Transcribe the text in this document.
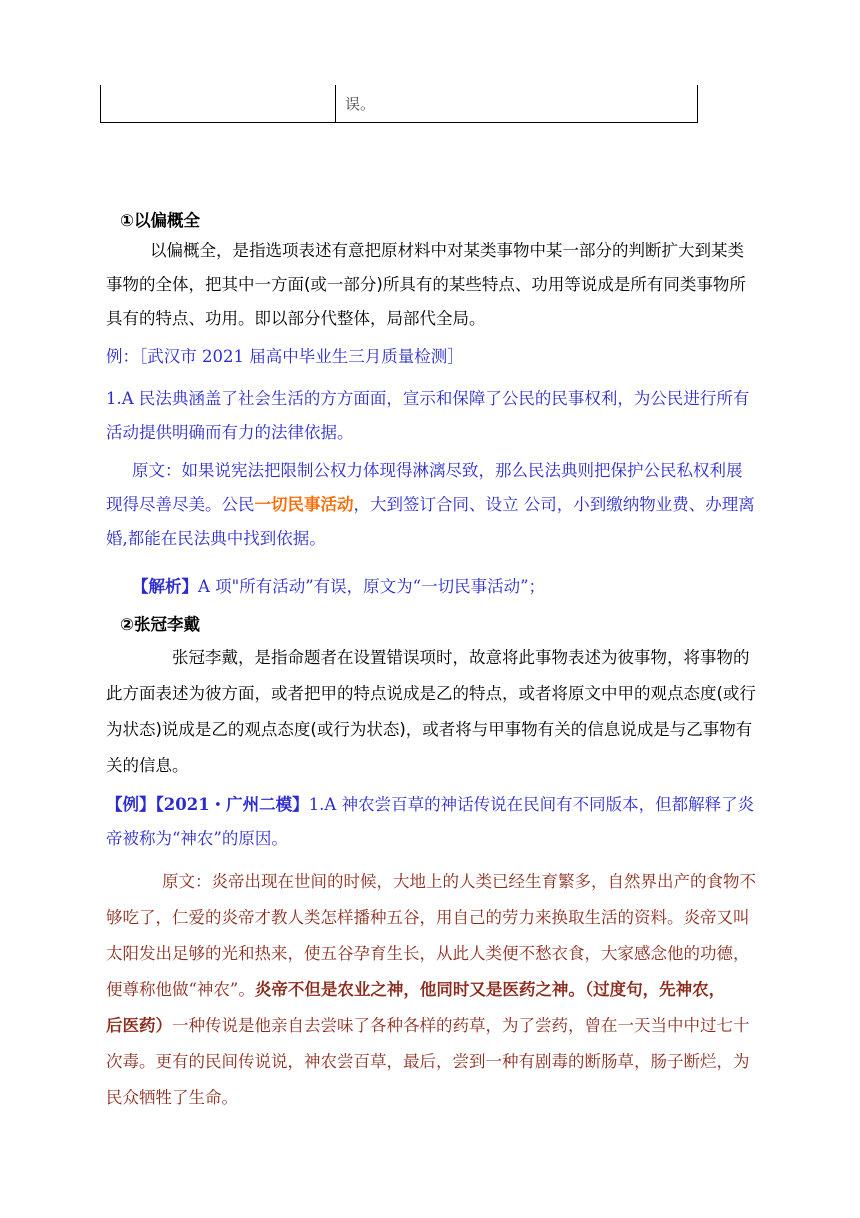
误。
①以偏概全
以偏概全，是指选项表述有意把原材料中对某类事物中某一部分的判断扩大到某类
事物的全体，把其中一方面(或一部分)所具有的某些特点、功用等说成是所有同类事物所
具有的特点、功用。即以部分代整体，局部代全局。
例：［武汉市 2021 届高中毕业生三月质量检测］
1.A 民法典涵盖了社会生活的方方面面，宣示和保障了公民的民事权利，为公民进行所有
活动提供明确而有力的法律依据。
原文：如果说宪法把限制公权力体现得淋漓尽致，那么民法典则把保护公民私权利展
现得尽善尽美。公民一切民事活动，大到签订合同、设立 公司，小到缴纳物业费、办理离
婚,都能在民法典中找到依据。
【解析】A 项"所有活动”有误，原文为“一切民事活动”；
②张冠李戴
张冠李戴，是指命题者在设置错误项时，故意将此事物表述为彼事物，将事物的
此方面表述为彼方面，或者把甲的特点说成是乙的特点，或者将原文中甲的观点态度(或行
为状态)说成是乙的观点态度(或行为状态)，或者将与甲事物有关的信息说成是与乙事物有
关的信息。
【例】【2021・广州二模】1.A 神农尝百草的神话传说在民间有不同版本，但都解释了炎
帝被称为“神农”的原因。
原文：炎帝出现在世间的时候，大地上的人类已经生育繁多，自然界出产的食物不
够吃了，仁爱的炎帝才教人类怎样播种五谷，用自己的劳力来换取生活的资料。炎帝又叫
太阳发出足够的光和热来，使五谷孕育生长，从此人类便不愁衣食，大家感念他的功德，
便尊称他做“神农”。炎帝不但是农业之神，他同时又是医药之神。（过度句，先神农，
后医药）一种传说是他亲自去尝味了各种各样的药草，为了尝药，曾在一天当中中过七十
次毒。更有的民间传说说，神农尝百草，最后，尝到一种有剧毒的断肠草，肠子断烂，为
民众牺牲了生命。
